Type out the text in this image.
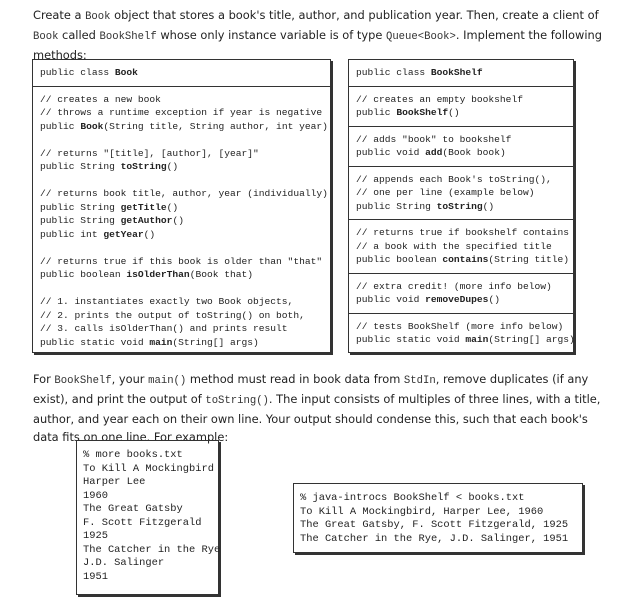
Create a Book object that stores a book's title, author, and publication year. Then, create a client of Book called BookShelf whose only instance variable is of type Queue<Book>. Implement the following methods:

public class Book
// creates a new book
// throws a runtime exception if year is negative
public Book(String title, String author, int year)
// returns "[title], [author], [year]"
public String toString()
// returns book title, author, year (individually)
public String getTitle()
public String getAuthor()
public int getYear()
// returns true if this book is older than "that"
public boolean isOlderThan(Book that)
// 1. instantiates exactly two Book objects,
// 2. prints the output of toString() on both,
// 3. calls isOlderThan() and prints result
public static void main(String[] args)
public class BookShelf
// creates an empty bookshelf
public BookShelf()
// adds "book" to bookshelf
public void add(Book book)
// appends each Book's toString(),
// one per line (example below)
public String toString()
// returns true if bookshelf contains
// a book with the specified title
public boolean contains(String title)
// extra credit! (more info below)
public void removeDupes()
// tests BookShelf (more info below)
public static void main(String[] args)

For BookShelf, your main() method must read in book data from StdIn, remove duplicates (if any exist), and print the output of toString(). The input consists of multiples of three lines, with a title, author, and year each on their own line. Your output should condense this, such that each book's data fits on one line. For example:

% more books.txt
To Kill A Mockingbird
Harper Lee
1960
The Great Gatsby
F. Scott Fitzgerald
1925
The Catcher in the Rye
J.D. Salinger
1951
% java-introcs BookShelf < books.txt
To Kill A Mockingbird, Harper Lee, 1960
The Great Gatsby, F. Scott Fitzgerald, 1925
The Catcher in the Rye, J.D. Salinger, 1951
